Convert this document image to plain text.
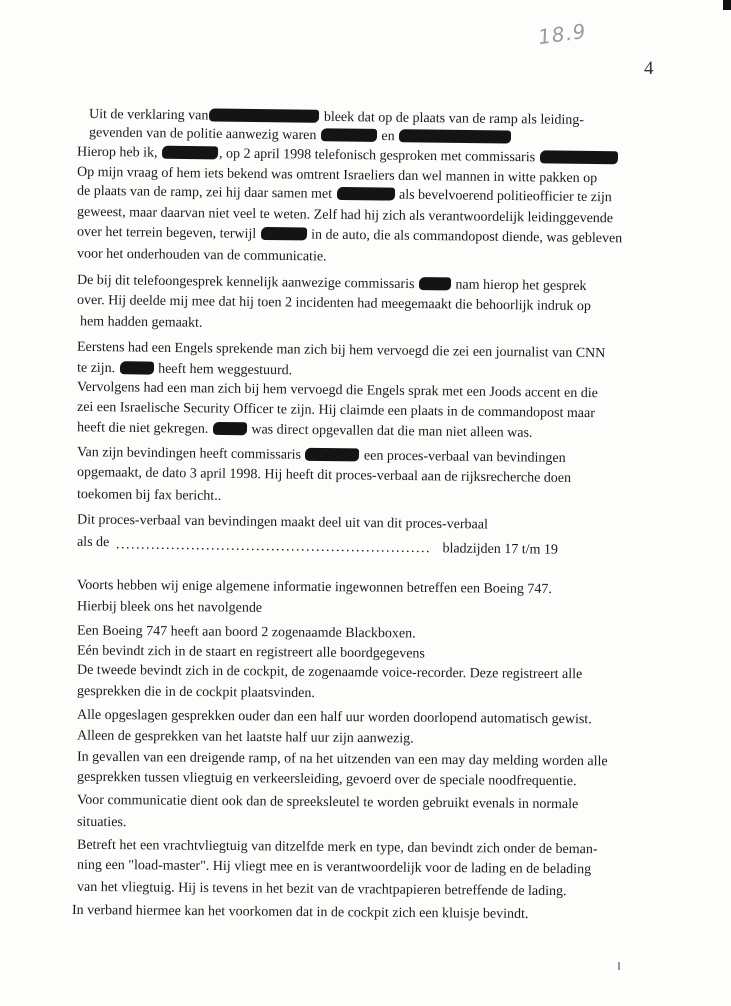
18.9
4
Uit de verklaring van	bleek dat op de plaats van de ramp als leiding-
gevenden van de politie aanwezig waren	en
Hierop heb ik,	, op 2 april 1998 telefonisch gesproken met commissaris
Op mijn vraag of hem iets bekend was omtrent Israeliers dan wel mannen in witte pakken op
de plaats van de ramp, zei hij daar samen met	als bevelvoerend politieofficier te zijn
geweest, maar daarvan niet veel te weten. Zelf had hij zich als verantwoordelijk leidinggevende
over het terrein begeven, terwijl	in de auto, die als commandopost diende, was gebleven
voor het onderhouden van de communicatie.
De bij dit telefoongesprek kennelijk aanwezige commissaris  nam hierop het gesprek
over. Hij deelde mij mee dat hij toen 2 incidenten had meegemaakt die behoorlijk indruk op
hem hadden gemaakt.
Eerstens had een Engels sprekende man zich bij hem vervoegd die zei een journalist van CNN
te zijn.	heeft hem weggestuurd.
Vervolgens had een man zich bij hem vervoegd die Engels sprak met een Joods accent en die
zei een Israelische Security Officer te zijn. Hij claimde een plaats in de commandopost maar
heeft die niet gekregen.	was direct opgevallen dat die man niet alleen was.
Van zijn bevindingen heeft commissaris	een proces-verbaal van bevindingen
opgemaakt, de dato 3 april 1998. Hij heeft dit proces-verbaal aan de rijksrecherche doen
toekomen bij fax bericht..
Dit proces-verbaal van bevindingen maakt deel uit van dit proces-verbaal
als de
Voorts hebben wij enige algemene informatie ingewonnen betreffen een Boeing 747.
Hierbij bleek ons het navolgende
Een Boeing 747 heeft aan boord 2 zogenaamde Blackboxen.
Eén bevindt zich in de staart en registreert alle boordgegevens
De tweede bevindt zich in de cockpit, de zogenaamde voice-recorder. Deze registreert alle
gesprekken die in de cockpit plaatsvinden.
Alle opgeslagen gesprekken ouder dan een half uur worden doorlopend automatisch gewist.
Alleen de gesprekken van het laatste half uur zijn aanwezig.
In gevallen van een dreigende ramp, of na het uitzenden van een may day melding worden alle
gesprekken tussen vliegtuig en verkeersleiding, gevoerd over de speciale noodfrequentie.
Voor communicatie dient ook dan de spreeksleutel te worden gebruikt evenals in normale
situaties.
Betreft het een vrachtvliegtuig van ditzelfde merk en type, dan bevindt zich onder de beman-
ning een "load-master". Hij vliegt mee en is verantwoordelijk voor de lading en de belading
van het vliegtuig. Hij is tevens in het bezit van de vrachtpapieren betreffende de lading.
In verband hiermee kan het voorkomen dat in de cockpit zich een kluisje bevindt.
............................................................... bladzijden 17 t/m 19
